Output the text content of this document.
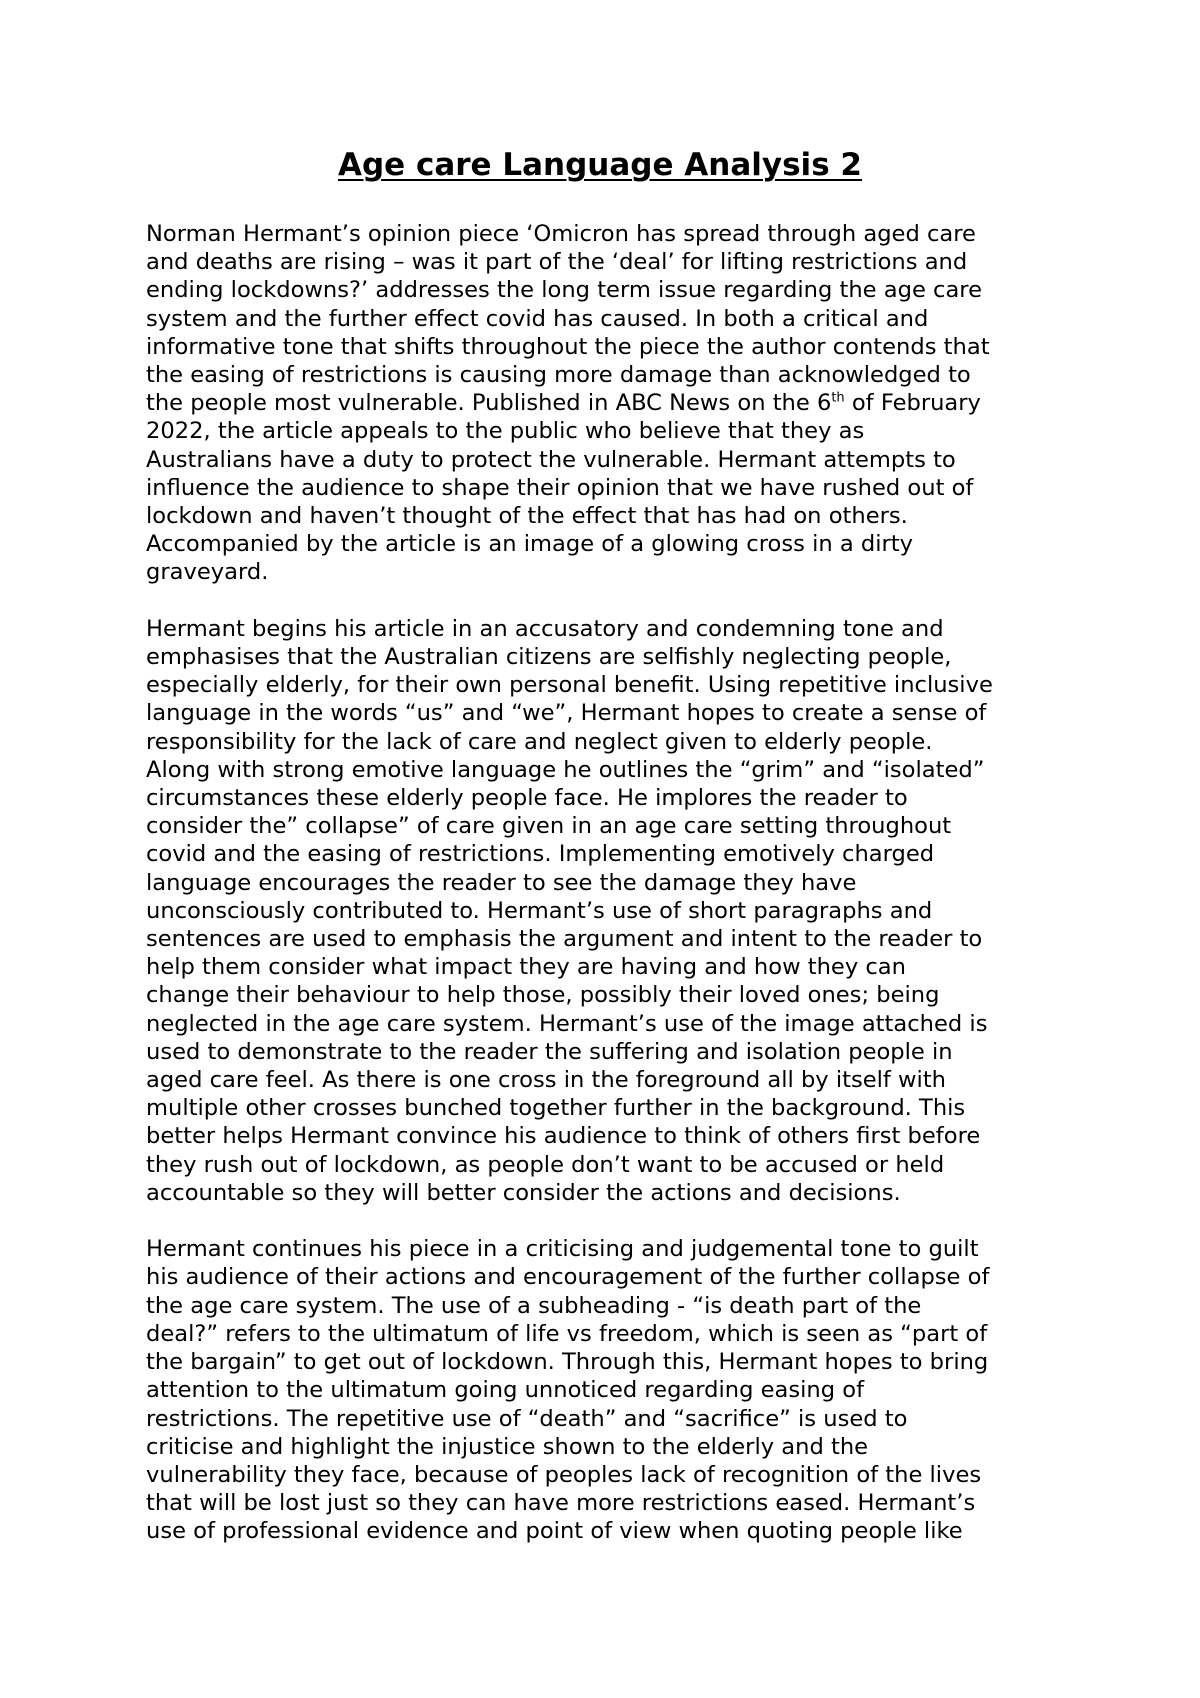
Age care Language Analysis 2

Norman Hermant’s opinion piece ‘Omicron has spread through aged care
and deaths are rising – was it part of the ‘deal’ for lifting restrictions and
ending lockdowns?’ addresses the long term issue regarding the age care
system and the further effect covid has caused. In both a critical and
informative tone that shifts throughout the piece the author contends that
the easing of restrictions is causing more damage than acknowledged to
the people most vulnerable. Published in ABC News on the 6th of February
2022, the article appeals to the public who believe that they as
Australians have a duty to protect the vulnerable. Hermant attempts to
influence the audience to shape their opinion that we have rushed out of
lockdown and haven’t thought of the effect that has had on others.
Accompanied by the article is an image of a glowing cross in a dirty
graveyard.

Hermant begins his article in an accusatory and condemning tone and
emphasises that the Australian citizens are selfishly neglecting people,
especially elderly, for their own personal benefit. Using repetitive inclusive
language in the words “us” and “we”, Hermant hopes to create a sense of
responsibility for the lack of care and neglect given to elderly people.
Along with strong emotive language he outlines the “grim” and “isolated”
circumstances these elderly people face. He implores the reader to
consider the” collapse” of care given in an age care setting throughout
covid and the easing of restrictions. Implementing emotively charged
language encourages the reader to see the damage they have
unconsciously contributed to. Hermant’s use of short paragraphs and
sentences are used to emphasis the argument and intent to the reader to
help them consider what impact they are having and how they can
change their behaviour to help those, possibly their loved ones; being
neglected in the age care system. Hermant’s use of the image attached is
used to demonstrate to the reader the suffering and isolation people in
aged care feel. As there is one cross in the foreground all by itself with
multiple other crosses bunched together further in the background. This
better helps Hermant convince his audience to think of others first before
they rush out of lockdown, as people don’t want to be accused or held
accountable so they will better consider the actions and decisions.

Hermant continues his piece in a criticising and judgemental tone to guilt
his audience of their actions and encouragement of the further collapse of
the age care system. The use of a subheading - “is death part of the
deal?” refers to the ultimatum of life vs freedom, which is seen as “part of
the bargain” to get out of lockdown. Through this, Hermant hopes to bring
attention to the ultimatum going unnoticed regarding easing of
restrictions. The repetitive use of “death” and “sacrifice” is used to
criticise and highlight the injustice shown to the elderly and the
vulnerability they face, because of peoples lack of recognition of the lives
that will be lost just so they can have more restrictions eased. Hermant’s
use of professional evidence and point of view when quoting people like
